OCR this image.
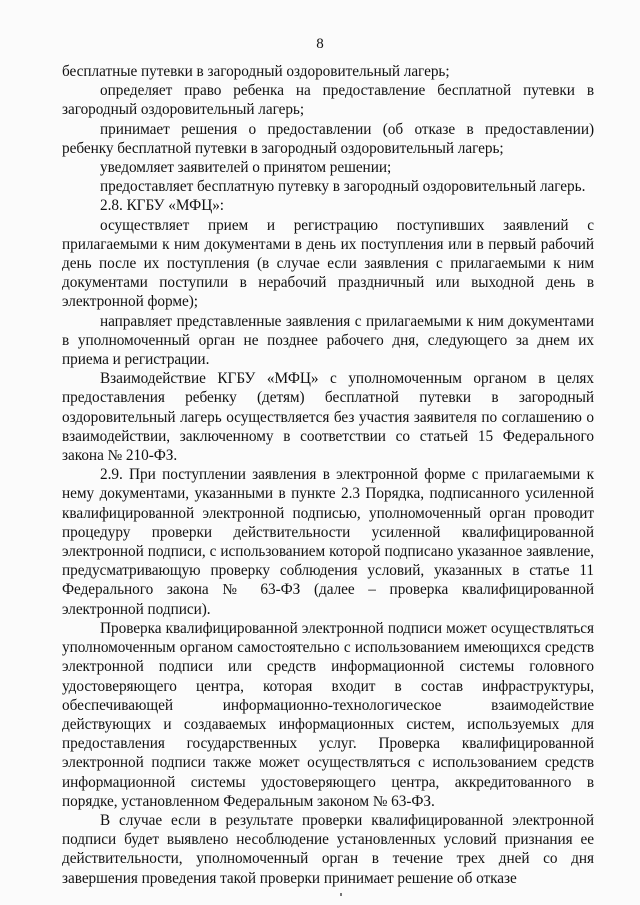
8

бесплатные путевки в загородный оздоровительный лагерь;

определяет право ребенка на предоставление бесплатной путевки в загородный оздоровительный лагерь;

принимает решения о предоставлении (об отказе в предоставлении) ребенку бесплатной путевки в загородный оздоровительный лагерь;

уведомляет заявителей о принятом решении;

предоставляет бесплатную путевку в загородный оздоровительный лагерь.

2.8. КГБУ «МФЦ»:

осуществляет прием и регистрацию поступивших заявлений с прилагаемыми к ним документами в день их поступления или в первый рабочий день после их поступления (в случае если заявления с прилагаемыми к ним документами поступили в нерабочий праздничный или выходной день в электронной форме);

направляет представленные заявления с прилагаемыми к ним документами в уполномоченный орган не позднее рабочего дня, следующего за днем их приема и регистрации.

Взаимодействие КГБУ «МФЦ» с уполномоченным органом в целях предоставления ребенку (детям) бесплатной путевки в загородный оздоровительный лагерь осуществляется без участия заявителя по соглашению о взаимодействии, заключенному в соответствии со статьей 15 Федерального закона № 210-ФЗ.

2.9. При поступлении заявления в электронной форме с прилагаемыми к нему документами, указанными в пункте 2.3 Порядка, подписанного усиленной квалифицированной электронной подписью, уполномоченный орган проводит процедуру проверки действительности усиленной квалифицированной электронной подписи, с использованием которой подписано указанное заявление, предусматривающую проверку соблюдения условий, указанных в статье 11 Федерального закона № 63-ФЗ (далее – проверка квалифицированной электронной подписи).

Проверка квалифицированной электронной подписи может осуществляться уполномоченным органом самостоятельно с использованием имеющихся средств электронной подписи или средств информационной системы головного удостоверяющего центра, которая входит в состав инфраструктуры, обеспечивающей информационно-технологическое взаимодействие действующих и создаваемых информационных систем, используемых для предоставления государственных услуг. Проверка квалифицированной электронной подписи также может осуществляться с использованием средств информационной системы удостоверяющего центра, аккредитованного в порядке, установленном Федеральным законом № 63-ФЗ.

В случае если в результате проверки квалифицированной электронной подписи будет выявлено несоблюдение установленных условий признания ее действительности, уполномоченный орган в течение трех дней со дня завершения проведения такой проверки принимает решение об отказе
